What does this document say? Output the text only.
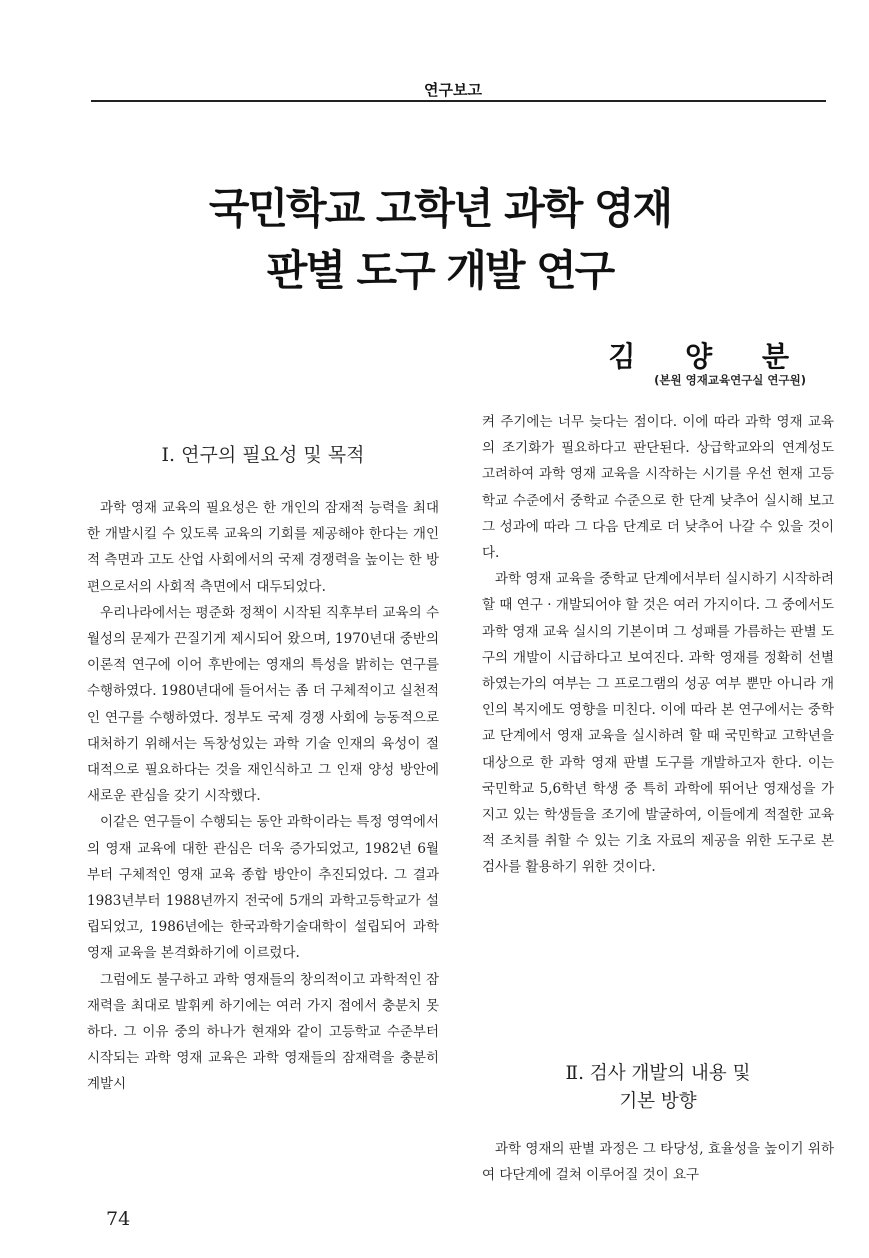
연구보고
국민학교 고학년 과학 영재
판별 도구 개발 연구
김 양 분
(본원 영재교육연구실 연구원)
Ⅰ. 연구의 필요성 및 목적

과학 영재 교육의 필요성은 한 개인의 잠재적 능력을 최대한 개발시킬 수 있도록 교육의 기회를 제공해야 한다는 개인적 측면과 고도 산업 사회에서의 국제 경쟁력을 높이는 한 방편으로서의 사회적 측면에서 대두되었다.

우리나라에서는 평준화 정책이 시작된 직후부터 교육의 수월성의 문제가 끈질기게 제시되어 왔으며, 1970년대 중반의 이론적 연구에 이어 후반에는 영재의 특성을 밝히는 연구를 수행하였다. 1980년대에 들어서는 좀 더 구체적이고 실천적인 연구를 수행하였다. 정부도 국제 경쟁 사회에 능동적으로 대처하기 위해서는 독창성있는 과학 기술 인재의 육성이 절대적으로 필요하다는 것을 재인식하고 그 인재 양성 방안에 새로운 관심을 갖기 시작했다.

이같은 연구들이 수행되는 동안 과학이라는 특정 영역에서의 영재 교육에 대한 관심은 더욱 증가되었고, 1982년 6월부터 구체적인 영재 교육 종합 방안이 추진되었다. 그 결과 1983년부터 1988년까지 전국에 5개의 과학고등학교가 설립되었고, 1986년에는 한국과학기술대학이 설립되어 과학 영재 교육을 본격화하기에 이르렀다.

그럼에도 불구하고 과학 영재들의 창의적이고 과학적인 잠재력을 최대로 발휘케 하기에는 여러 가지 점에서 충분치 못하다. 그 이유 중의 하나가 현재와 같이 고등학교 수준부터 시작되는 과학 영재 교육은 과학 영재들의 잠재력을 충분히 계발시

켜 주기에는 너무 늦다는 점이다. 이에 따라 과학 영재 교육의 조기화가 필요하다고 판단된다. 상급학교와의 연계성도 고려하여 과학 영재 교육을 시작하는 시기를 우선 현재 고등학교 수준에서 중학교 수준으로 한 단계 낮추어 실시해 보고 그 성과에 따라 그 다음 단계로 더 낮추어 나갈 수 있을 것이다.

과학 영재 교육을 중학교 단계에서부터 실시하기 시작하려 할 때 연구 · 개발되어야 할 것은 여러 가지이다. 그 중에서도 과학 영재 교육 실시의 기본이며 그 성패를 가름하는 판별 도구의 개발이 시급하다고 보여진다. 과학 영재를 정확히 선별하였는가의 여부는 그 프로그램의 성공 여부 뿐만 아니라 개인의 복지에도 영향을 미친다. 이에 따라 본 연구에서는 중학교 단계에서 영재 교육을 실시하려 할 때 국민학교 고학년을 대상으로 한 과학 영재 판별 도구를 개발하고자 한다. 이는 국민학교 5,6학년 학생 중 특히 과학에 뛰어난 영재성을 가지고 있는 학생들을 조기에 발굴하여, 이들에게 적절한 교육적 조치를 취할 수 있는 기초 자료의 제공을 위한 도구로 본 검사를 활용하기 위한 것이다.

Ⅱ. 검사 개발의 내용 및
기본 방향

과학 영재의 판별 과정은 그 타당성, 효율성을 높이기 위하여 다단계에 걸쳐 이루어질 것이 요구

74
